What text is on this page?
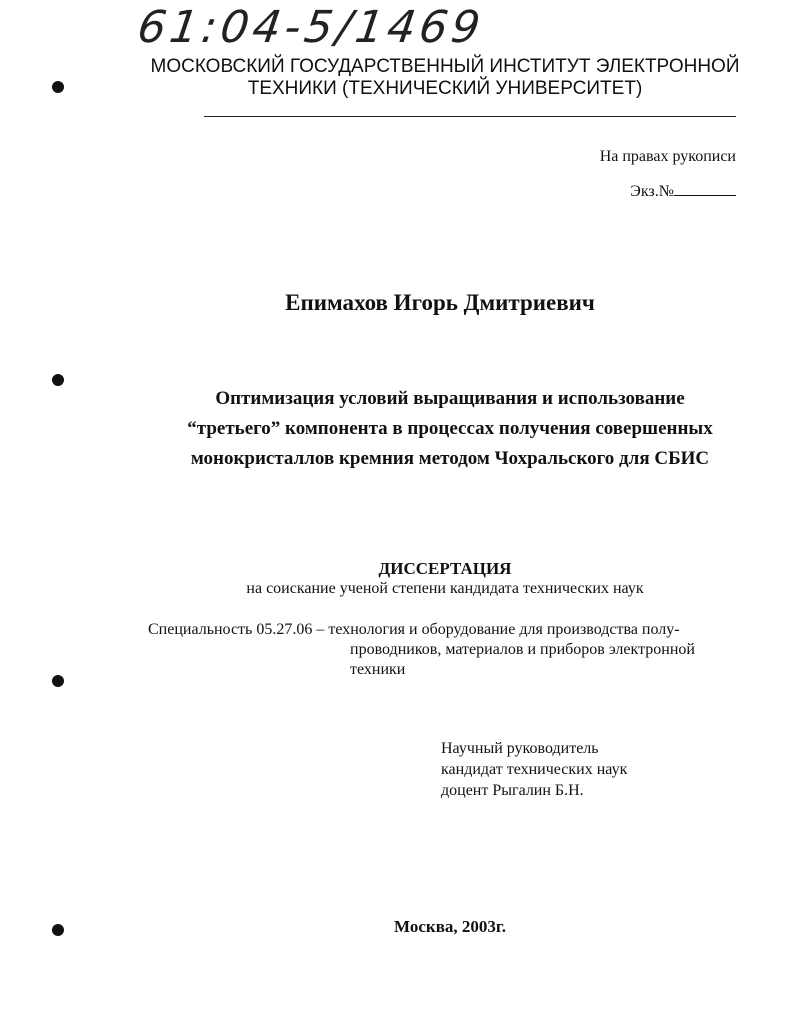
61:04-5/1469
МОСКОВСКИЙ ГОСУДАРСТВЕННЫЙ ИНСТИТУТ ЭЛЕКТРОННОЙ
ТЕХНИКИ (ТЕХНИЧЕСКИЙ УНИВЕРСИТЕТ)
На правах рукописи
Экз.№
Епимахов Игорь Дмитриевич
Оптимизация условий выращивания и использование
“третьего” компонента в процессах получения совершенных
монокристаллов кремния методом Чохральского для СБИС
ДИССЕРТАЦИЯ
на соискание ученой степени кандидата технических наук
Специальность 05.27.06 – технология и оборудование для производства полу-
проводников, материалов и приборов электронной
техники
Научный руководитель
кандидат технических наук
доцент Рыгалин Б.Н.
Москва, 2003г.
